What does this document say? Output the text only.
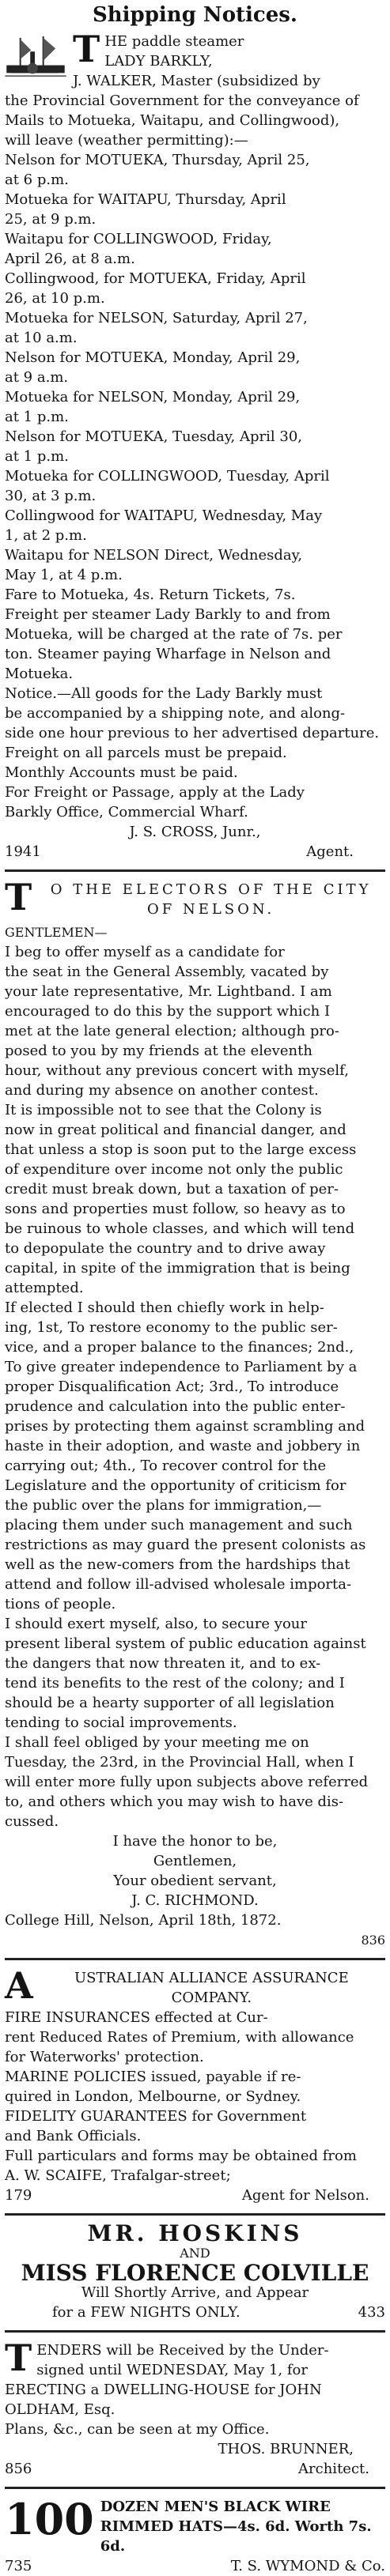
Shipping Notices.
T HE paddle steamer
LADY BARKLY,
J. WALKER, Master (subsidized by
the Provincial Government for the conveyance of
Mails to Motueka, Waitapu, and Collingwood),
will leave (weather permitting):—
Nelson for MOTUEKA, Thursday, April 25,
at 6 p.m.
Motueka for WAITAPU, Thursday, April
25, at 9 p.m.
Waitapu for COLLINGWOOD, Friday,
April 26, at 8 a.m.
Collingwood, for MOTUEKA, Friday, April
26, at 10 p.m.
Motueka for NELSON, Saturday, April 27,
at 10 a.m.
Nelson for MOTUEKA, Monday, April 29,
at 9 a.m.
Motueka for NELSON, Monday, April 29,
at 1 p.m.
Nelson for MOTUEKA, Tuesday, April 30,
at 1 p.m.
Motueka for COLLINGWOOD, Tuesday, April
30, at 3 p.m.
Collingwood for WAITAPU, Wednesday, May
1, at 2 p.m.
Waitapu for NELSON Direct, Wednesday,
May 1, at 4 p.m.
Fare to Motueka, 4s. Return Tickets, 7s.
Freight per steamer Lady Barkly to and from
Motueka, will be charged at the rate of 7s. per
ton. Steamer paying Wharfage in Nelson and
Motueka.
Notice.—All goods for the Lady Barkly must
be accompanied by a shipping note, and along-
side one hour previous to her advertised departure.
Freight on all parcels must be prepaid.
Monthly Accounts must be paid.
For Freight or Passage, apply at the Lady
Barkly Office, Commercial Wharf.
J. S. CROSS, Junr.,
1941	Agent.
T	O THE ELECTORS OF THE CITY
OF NELSON.
GENTLEMEN—
I beg to offer myself as a candidate for
the seat in the General Assembly, vacated by
your late representative, Mr. Lightband. I am
encouraged to do this by the support which I
met at the late general election; although pro-
posed to you by my friends at the eleventh
hour, without any previous concert with myself,
and during my absence on another contest.
It is impossible not to see that the Colony is
now in great political and financial danger, and
that unless a stop is soon put to the large excess
of expenditure over income not only the public
credit must break down, but a taxation of per-
sons and properties must follow, so heavy as to
be ruinous to whole classes, and which will tend
to depopulate the country and to drive away
capital, in spite of the immigration that is being
attempted.
If elected I should then chiefly work in help-
ing, 1st, To restore economy to the public ser-
vice, and a proper balance to the finances; 2nd.,
To give greater independence to Parliament by a
proper Disqualification Act; 3rd., To introduce
prudence and calculation into the public enter-
prises by protecting them against scrambling and
haste in their adoption, and waste and jobbery in
carrying out; 4th., To recover control for the
Legislature and the opportunity of criticism for
the public over the plans for immigration,—
placing them under such management and such
restrictions as may guard the present colonists as
well as the new-comers from the hardships that
attend and follow ill-advised wholesale importa-
tions of people.
I should exert myself, also, to secure your
present liberal system of public education against
the dangers that now threaten it, and to ex-
tend its benefits to the rest of the colony; and I
should be a hearty supporter of all legislation
tending to social improvements.
I shall feel obliged by your meeting me on
Tuesday, the 23rd, in the Provincial Hall, when I
will enter more fully upon subjects above referred
to, and others which you may wish to have dis-
cussed.
I have the honor to be,
Gentlemen,
Your obedient servant,
J. C. RICHMOND.
College Hill, Nelson, April 18th, 1872.
836
A	USTRALIAN ALLIANCE ASSURANCE
COMPANY.
FIRE INSURANCES effected at Cur-
rent Reduced Rates of Premium, with allowance
for Waterworks' protection.
MARINE POLICIES issued, payable if re-
quired in London, Melbourne, or Sydney.
FIDELITY GUARANTEES for Government
and Bank Officials.
Full particulars and forms may be obtained from
A. W. SCAIFE, Trafalgar-street;
179	Agent for Nelson.
MR. HOSKINS
AND
MISS FLORENCE COLVILLE
Will Shortly Arrive, and Appear
for a FEW NIGHTS ONLY.	433
T ENDERS will be Received by the Under-
signed until WEDNESDAY, May 1, for
ERECTING a DWELLING-HOUSE for JOHN
OLDHAM, Esq.
Plans, &c., can be seen at my Office.
THOS. BRUNNER,
856	Architect.
100 DOZEN MEN'S BLACK WIRE
RIMMED HATS—4s. 6d. Worth 7s. 6d.
735	T. S. WYMOND & Co.
